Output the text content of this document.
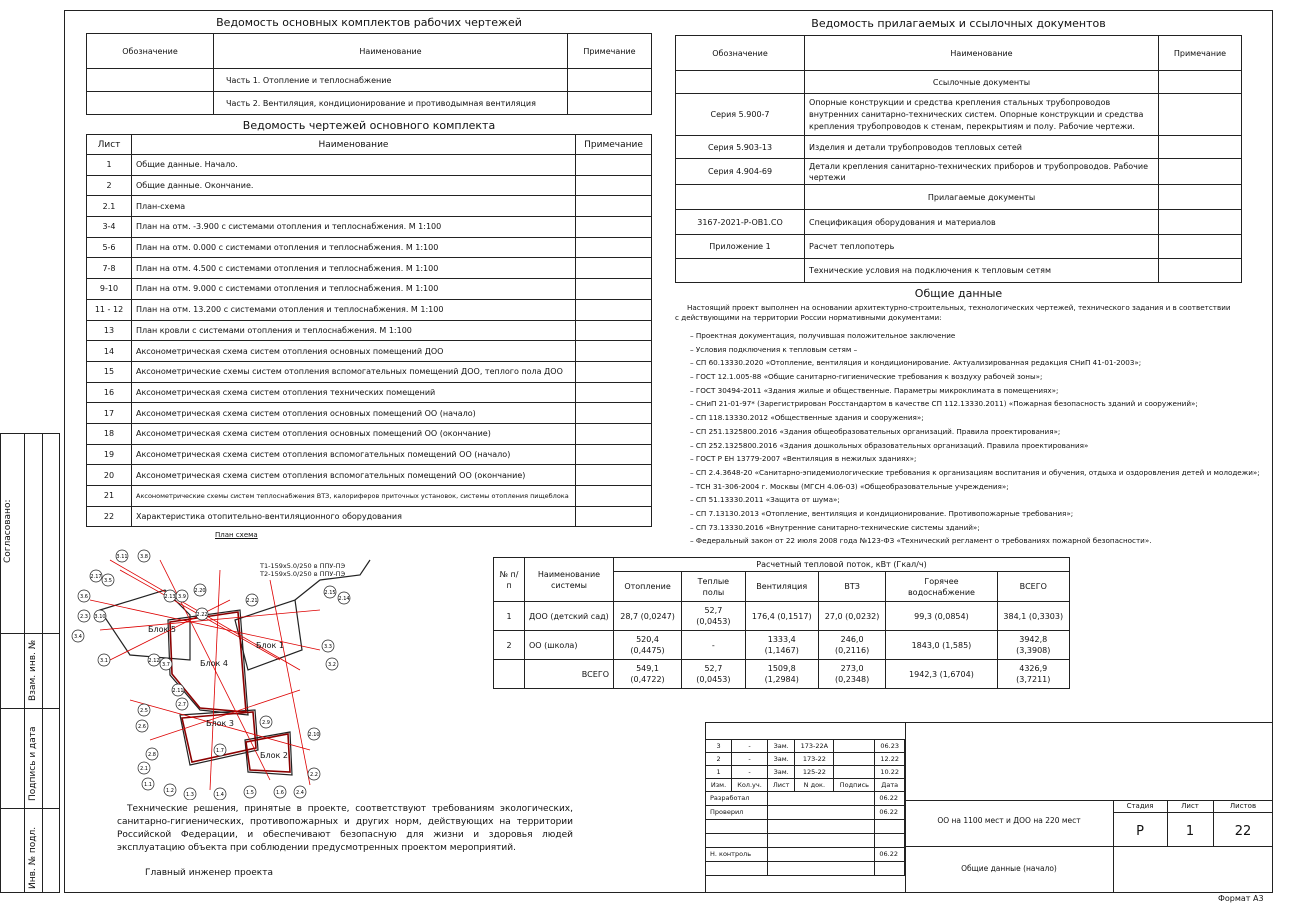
Согласовано:
Взам. инв. №
Подпись и дата
Инв. № подл.
Ведомость основных комплектов рабочих чертежей
Обозначение	Наименование	Примечание
	Часть 1. Отопление и теплоснабжение	
	Часть 2. Вентиляция, кондиционирование и противодымная вентиляция	
Ведомость чертежей основного комплекта
Лист	Наименование	Примечание
1	Общие данные. Начало.	
2	Общие данные. Окончание.	
2.1	План-схема	
3-4	План на отм. -3.900 с системами отопления и теплоснабжения. М 1:100	
5-6	План на отм. 0.000 с системами отопления и теплоснабжения. М 1:100	
7-8	План на отм. 4.500 с системами отопления и теплоснабжения. М 1:100	
9-10	План на отм. 9.000 с системами отопления и теплоснабжения. М 1:100	
11 - 12	План на отм. 13.200 с системами отопления и теплоснабжения. М 1:100	
13	План кровли с системами отопления и теплоснабжения. М 1:100	
14	Аксонометрическая схема систем отопления основных помещений ДОО	
15	Аксонометрические схемы систем отопления вспомогательных помещений ДОО, теплого пола ДОО	
16	Аксонометрическая схема систем отопления технических помещений	
17	Аксонометрическая схема систем отопления основных помещений ОО (начало)	
18	Аксонометрическая схема систем отопления основных помещений ОО (окончание)	
19	Аксонометрическая схема систем отопления вспомогательных помещений ОО (начало)	
20	Аксонометрическая схема систем отопления вспомогательных помещений ОО (окончание)	
21	Аксонометрические схемы систем теплоснабжения ВТЗ, калориферов приточных установок, системы отопления пищеблока	
22	Характеристика отопительно-вентиляционного оборудования	
Ведомость прилагаемых и ссылочных документов
Обозначение	Наименование	Примечание
	Ссылочные документы	
Серия 5.900-7	Опорные конструкции и средства крепления стальных трубопроводов внутренних санитарно-технических систем. Опорные конструкции и средства крепления трубопроводов к стенам, перекрытиям и полу. Рабочие чертежи.	
Серия 5.903-13	Изделия и детали трубопроводов тепловых сетей	
Серия 4.904-69	Детали крепления санитарно-технических приборов и трубопроводов. Рабочие чертежи	
	Прилагаемые документы	
3167-2021-Р-ОВ1.СО	Спецификация оборудования и материалов	
Приложение 1	Расчет теплопотерь	
	Технические условия на подключения к тепловым сетям	
Общие данные
Настоящий проект выполнен на основании архитектурно-строительных, технологических чертежей, технического задания и в соответствии с действующими на территории России нормативными документами:
– Проектная документация, получившая положительное заключение
– Условия подключения к тепловым сетям –
– СП 60.13330.2020 «Отопление, вентиляция и кондиционирование. Актуализированная редакция СНиП 41-01-2003»;
– ГОСТ 12.1.005-88 «Общие санитарно-гигиенические требования к воздуху рабочей зоны»;
– ГОСТ 30494-2011 «Здания жилые и общественные. Параметры микроклимата в помещениях»;
– СНиП 21-01-97* (Зарегистрирован Росстандартом в качестве СП 112.13330.2011) «Пожарная безопасность зданий и сооружений»;
– СП 118.13330.2012 «Общественные здания и сооружения»;
– СП 251.1325800.2016 «Здания общеобразовательных организаций. Правила проектирования»;
– СП 252.1325800.2016 «Здания дошкольных образовательных организаций. Правила проектирования»
– ГОСТ Р ЕН 13779-2007 «Вентиляция в нежилых зданиях»;
– СП 2.4.3648-20 «Санитарно-эпидемиологические требования к организациям воспитания и обучения, отдыха и оздоровления детей и молодежи»;
– ТСН 31-306-2004 г. Москвы (МГСН 4.06-03) «Общеобразовательные учреждения»;
– СП 51.13330.2011 «Защита от шума»;
– СП 7.13130.2013 «Отопление, вентиляция и кондиционирование. Противопожарные требования»;
– СП 73.13330.2016 «Внутренние санитарно-технические системы зданий»;
– Федеральный закон от 22 июля 2008 года №123-ФЗ «Технический регламент о требованиях пожарной безопасности».
№ п/п	Наименование системы	Расчетный тепловой поток, кВт (Гкал/ч)					
		Отопление	Теплые полы	Вентиляция	ВТЗ	Горячее водоснабжение	ВСЕГО
1	ДОО (детский сад)	28,7 (0,0247)	52,7 (0,0453)	176,4 (0,1517)	27,0 (0,0232)	99,3 (0,0854)	384,1 (0,3303)
2	ОО (школа)	520,4 (0,4475)	-	1333,4 (1,1467)	246,0 (0,2116)	1843,0 (1,585)	3942,8 (3,3908)
	ВСЕГО	549,1 (0,4722)	52,7 (0,0453)	1509,8 (1,2984)	273,0 (0,2348)	1942,3 (1,6704)	4326,9 (3,7211)
План схема
Блок 5
Блок 4
Блок 1
Блок 3
Блок 2
3.11 3.8
2.17
3.5
3.6
2.3 3.10
3.4
3.1
2.13 3.9
2.20
2.22
2.21
2.15
2.14
3.3
3.2
2.12
3.7
2.11
2.7
2.5
2.6
2.9
2.10
2.2
2.4
2.8
2.1
1.1
1.2
1.3	1.4	1.5	1.6
1.7
Т1-159х5.0/250 в ППУ-ПЭ
Т2-159х5.0/250 в ППУ-ПЭ
Технические решения, принятые в проекте, соответствуют требованиям экологических, санитарно-гигиенических, противопожарных и других норм, действующих на территории Российской Федерации, и обеспечивают безопасную для жизни и здоровья людей эксплуатацию объекта при соблюдении предусмотренных проектом мероприятий.
Главный инженер проекта

3	-	Зам.	173-22А		06.23
2	-	Зам.	173-22		12.22
1	-	Зам.	125-22		10.22
Изм.	Кол.уч.	Лист	N док.	Подпись	Дата
Разработал					06.22
Проверил					06.22

Н. контроль					06.22

ОО на 1100 мест и ДОО на 220 мест
Общие данные (начало)
Стадия	Лист	Листов
Р	1	22
Формат А3
